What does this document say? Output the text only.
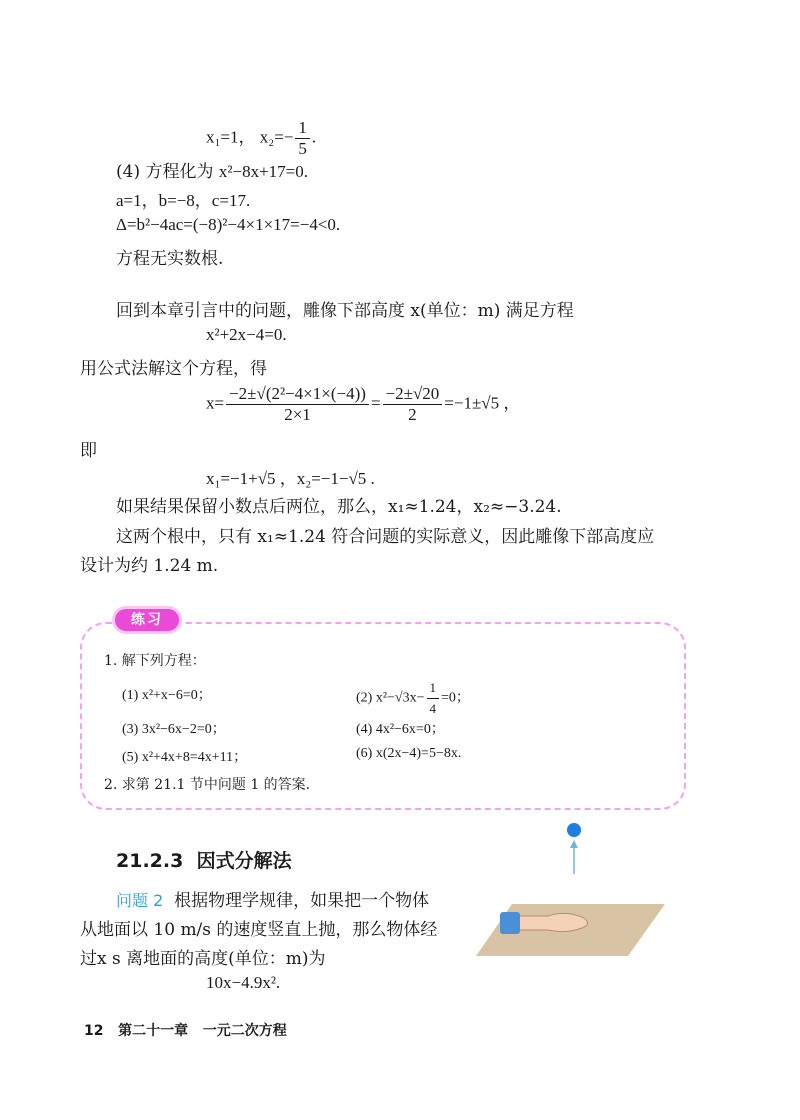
x₁=1， $x_2=- \frac{1}{5}$ .
(4) 方程化为 x²−8x+17=0.
a=1，b=−8，c=17.
Δ=b²−4ac=(−8)²−4×1×17=−4<0.
方程无实数根.
回到本章引言中的问题，雕像下部高度 x(单位：m) 满足方程
x²+2x−4=0.
用公式法解这个方程，得
$x= \frac{\text{−2±√(2²−4×1×(−4))}}{2\times 1} = \frac{-2\pm√20}{2} =-1\pm√5$ ，
即
x₁=−1+√5 ，x₂=−1−√5 .
如果结果保留小数点后两位，那么，x₁≈1.24，x₂≈−3.24.
这两个根中，只有 x₁≈1.24 符合问题的实际意义，因此雕像下部高度应
设计为约 1.24 m.
练习
1. 解下列方程：
(1) x²+x−6=0；	(2) $x^2-√3x- \frac{1}{4} =0$；
(3) 3x²−6x−2=0；	(4) 4x²−6x=0；
(5) x²+4x+8=4x+11；	(6) x(2x−4)=5−8x.
2. 求第 21.1 节中问题 1 的答案.
21.2.3 因式分解法
问题 2 根据物理学规律，如果把一个物体
从地面以 10 m/s 的速度竖直上抛，那么物体经
过x s 离地面的高度(单位：m)为
10x−4.9x².
12 第二十一章 一元二次方程
